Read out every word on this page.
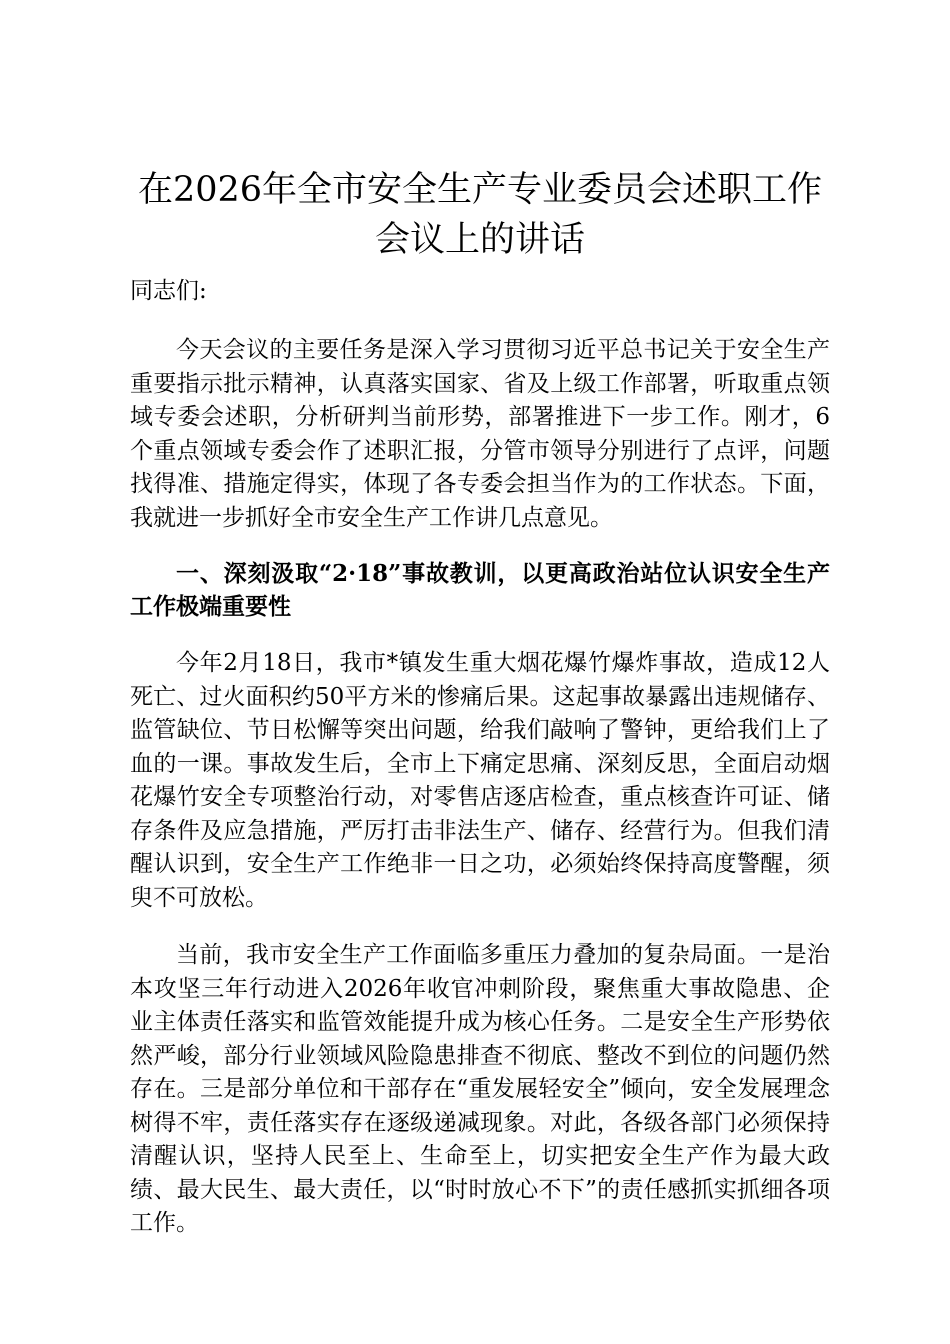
在2026年全市安全生产专业委员会述职工作
会议上的讲话

同志们:

今天会议的主要任务是深入学习贯彻习近平总书记关于安全生产重要指示批示精神，认真落实国家、省及上级工作部署，听取重点领域专委会述职，分析研判当前形势，部署推进下一步工作。刚才，6个重点领域专委会作了述职汇报，分管市领导分别进行了点评，问题找得准、措施定得实，体现了各专委会担当作为的工作状态。下面，我就进一步抓好全市安全生产工作讲几点意见。

一、深刻汲取“2·18”事故教训，以更高政治站位认识安全生产工作极端重要性

今年2月18日，我市*镇发生重大烟花爆竹爆炸事故，造成12人死亡、过火面积约50平方米的惨痛后果。这起事故暴露出违规储存、监管缺位、节日松懈等突出问题，给我们敲响了警钟，更给我们上了血的一课。事故发生后，全市上下痛定思痛、深刻反思，全面启动烟花爆竹安全专项整治行动，对零售店逐店检查，重点核查许可证、储存条件及应急措施，严厉打击非法生产、储存、经营行为。但我们清醒认识到，安全生产工作绝非一日之功，必须始终保持高度警醒，须臾不可放松。

当前，我市安全生产工作面临多重压力叠加的复杂局面。一是治本攻坚三年行动进入2026年收官冲刺阶段，聚焦重大事故隐患、企业主体责任落实和监管效能提升成为核心任务。二是安全生产形势依然严峻，部分行业领域风险隐患排查不彻底、整改不到位的问题仍然存在。三是部分单位和干部存在“重发展轻安全”倾向，安全发展理念树得不牢，责任落实存在逐级递减现象。对此，各级各部门必须保持清醒认识，坚持人民至上、生命至上，切实把安全生产作为最大政绩、最大民生、最大责任，以“时时放心不下”的责任感抓实抓细各项工作。
